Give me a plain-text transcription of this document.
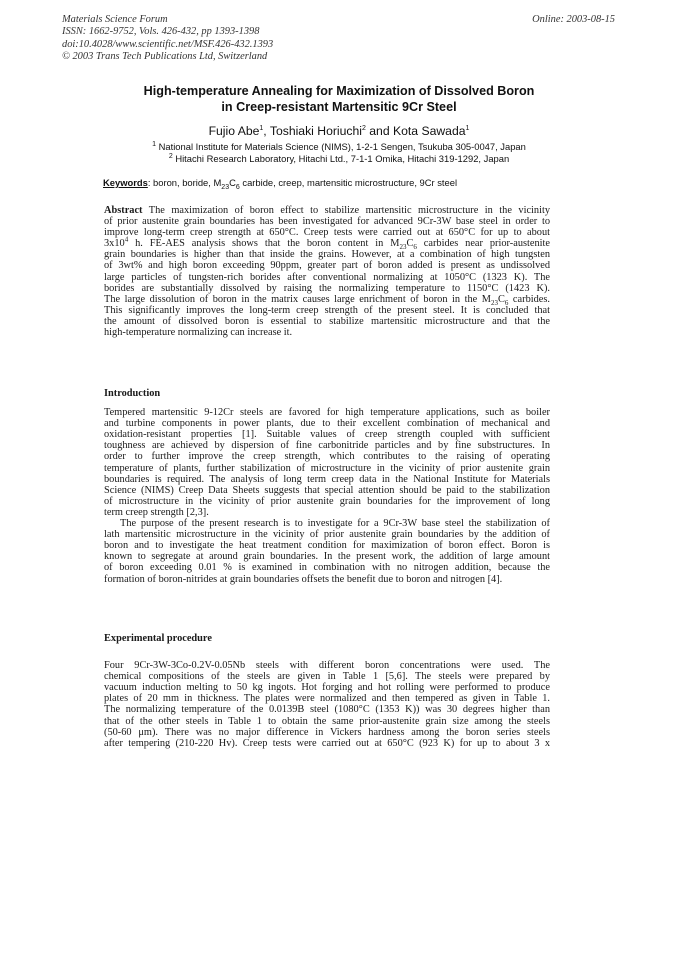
Materials Science Forum
ISSN: 1662-9752, Vols. 426-432, pp 1393-1398
doi:10.4028/www.scientific.net/MSF.426-432.1393
© 2003 Trans Tech Publications Ltd, Switzerland
Online: 2003-08-15
High-temperature Annealing for Maximization of Dissolved Boron
in Creep-resistant Martensitic 9Cr Steel
Fujio Abe$^1$, Toshiaki Horiuchi$^2$ and Kota Sawada$^1$
$^1$ National Institute for Materials Science (NIMS), 1-2-1 Sengen, Tsukuba 305-0047, Japan
$^2$ Hitachi Research Laboratory, Hitachi Ltd., 7-1-1 Omika, Hitachi 319-1292, Japan
Keywords: boron, boride, $M_{23}C_6$ carbide, creep, martensitic microstructure, 9Cr steel

Abstract The maximization of boron effect to stabilize martensitic microstructure in the vicinity

of prior austenite grain boundaries has been investigated for advanced 9Cr-3W base steel in order to

improve long-term creep strength at 650°C. Creep tests were carried out at 650°C for up to about

$3x10^4$ h. FE-AES analysis shows that the boron content in $M_{23}C_6$ carbides near prior-austenite

grain boundaries is higher than that inside the grains. However, at a combination of high tungsten

of 3wt% and high boron exceeding 90ppm, greater part of boron added is present as undissolved

large particles of tungsten-rich borides after conventional normalizing at 1050°C (1323 K). The

borides are substantially dissolved by raising the normalizing temperature to 1150°C (1423 K).

The large dissolution of boron in the matrix causes large enrichment of boron in the $M_{23}C_6$ carbides.

This significantly improves the long-term creep strength of the present steel. It is concluded that

the amount of dissolved boron is essential to stabilize martensitic microstructure and that the

high-temperature normalizing can increase it.

Introduction

Tempered martensitic 9-12Cr steels are favored for high temperature applications, such as boiler

and turbine components in power plants, due to their excellent combination of mechanical and

oxidation-resistant properties [1]. Suitable values of creep strength coupled with sufficient

toughness are achieved by dispersion of fine carbonitride particles and by fine substructures. In

order to further improve the creep strength, which contributes to the raising of operating

temperature of plants, further stabilization of microstructure in the vicinity of prior austenite grain

boundaries is required. The analysis of long term creep data in the National Institute for Materials

Science (NIMS) Creep Data Sheets suggests that special attention should be paid to the stabilization

of microstructure in the vicinity of prior austenite grain boundaries for the improvement of long

term creep strength [2,3].

The purpose of the present research is to investigate for a 9Cr-3W base steel the stabilization of

lath martensitic microstructure in the vicinity of prior austenite grain boundaries by the addition of

boron and to investigate the heat treatment condition for maximization of boron effect. Boron is

known to segregate at around grain boundaries. In the present work, the addition of large amount

of boron exceeding 0.01 % is examined in combination with no nitrogen addition, because the

formation of boron-nitrides at grain boundaries offsets the benefit due to boron and nitrogen [4].

Experimental procedure

Four 9Cr-3W-3Co-0.2V-0.05Nb steels with different boron concentrations were used. The

chemical compositions of the steels are given in Table 1 [5,6]. The steels were prepared by

vacuum induction melting to 50 kg ingots. Hot forging and hot rolling were performed to produce

plates of 20 mm in thickness. The plates were normalized and then tempered as given in Table 1.

The normalizing temperature of the 0.0139B steel (1080°C (1353 K)) was 30 degrees higher than

that of the other steels in Table 1 to obtain the same prior-austenite grain size among the steels

(50-60 μm). There was no major difference in Vickers hardness among the boron series steels

after tempering (210-220 Hv). Creep tests were carried out at 650°C (923 K) for up to about 3 x
